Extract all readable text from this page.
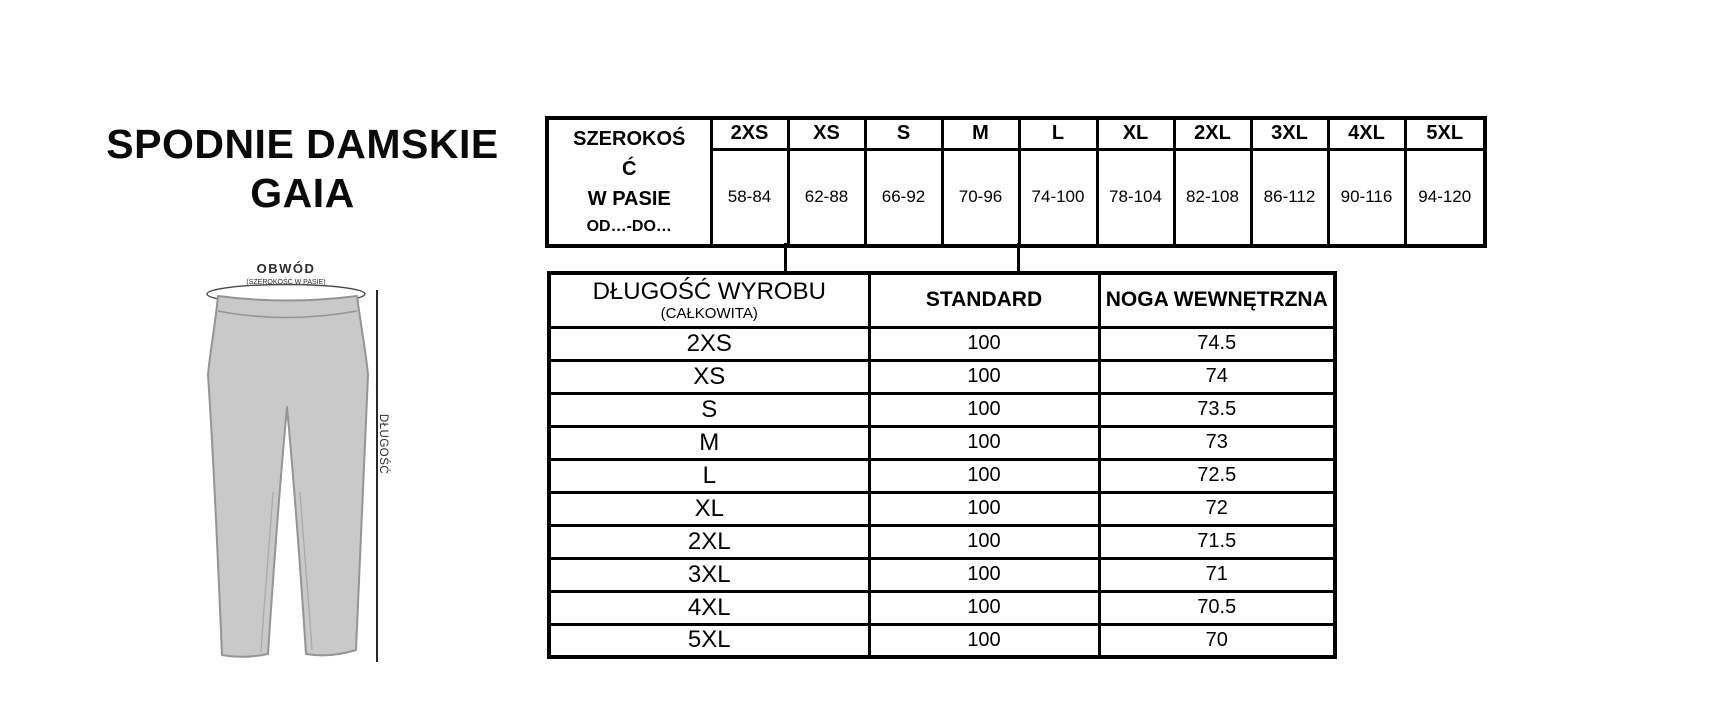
SPODNIE DAMSKIE
GAIA
OBWÓD
(SZEROKOŚĆ W PASIE)
DŁUGOŚĆ
SZEROKOŚ
Ć
W PASIE
OD…-DO…	2XS	XS	S	M	L	XL	2XL	3XL	4XL	5XL
	58-84	62-88	66-92	70-96	74-100	78-104	82-108	86-112	90-116	94-120
DŁUGOŚĆ WYROBU
(CAŁKOWITA)	STANDARD	NOGA WEWNĘTRZNA
2XS	100	74.5
XS	100	74
S	100	73.5
M	100	73
L	100	72.5
XL	100	72
2XL	100	71.5
3XL	100	71
4XL	100	70.5
5XL	100	70
